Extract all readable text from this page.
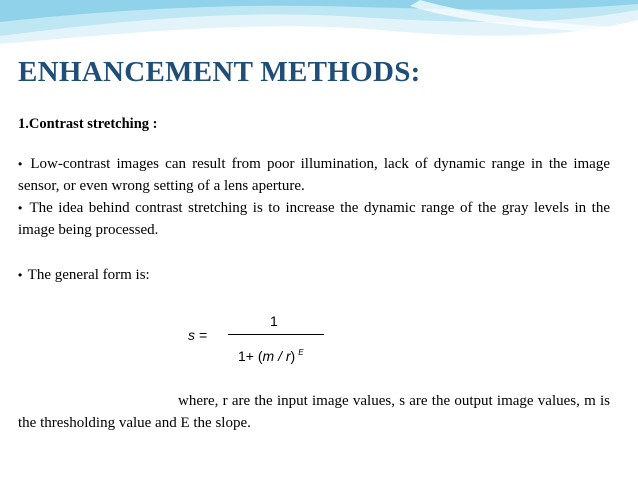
ENHANCEMENT METHODS:
1.Contrast stretching :
• Low-contrast images can result from poor illumination, lack of dynamic range in the image sensor, or even wrong setting of a lens aperture.
• The idea behind contrast stretching is to increase the dynamic range of the gray levels in the image being processed.
• The general form is:
s =
1
1+ (m / r) $^E$
where, r are the input image values, s are the output image values, m is the thresholding value and E the slope.
